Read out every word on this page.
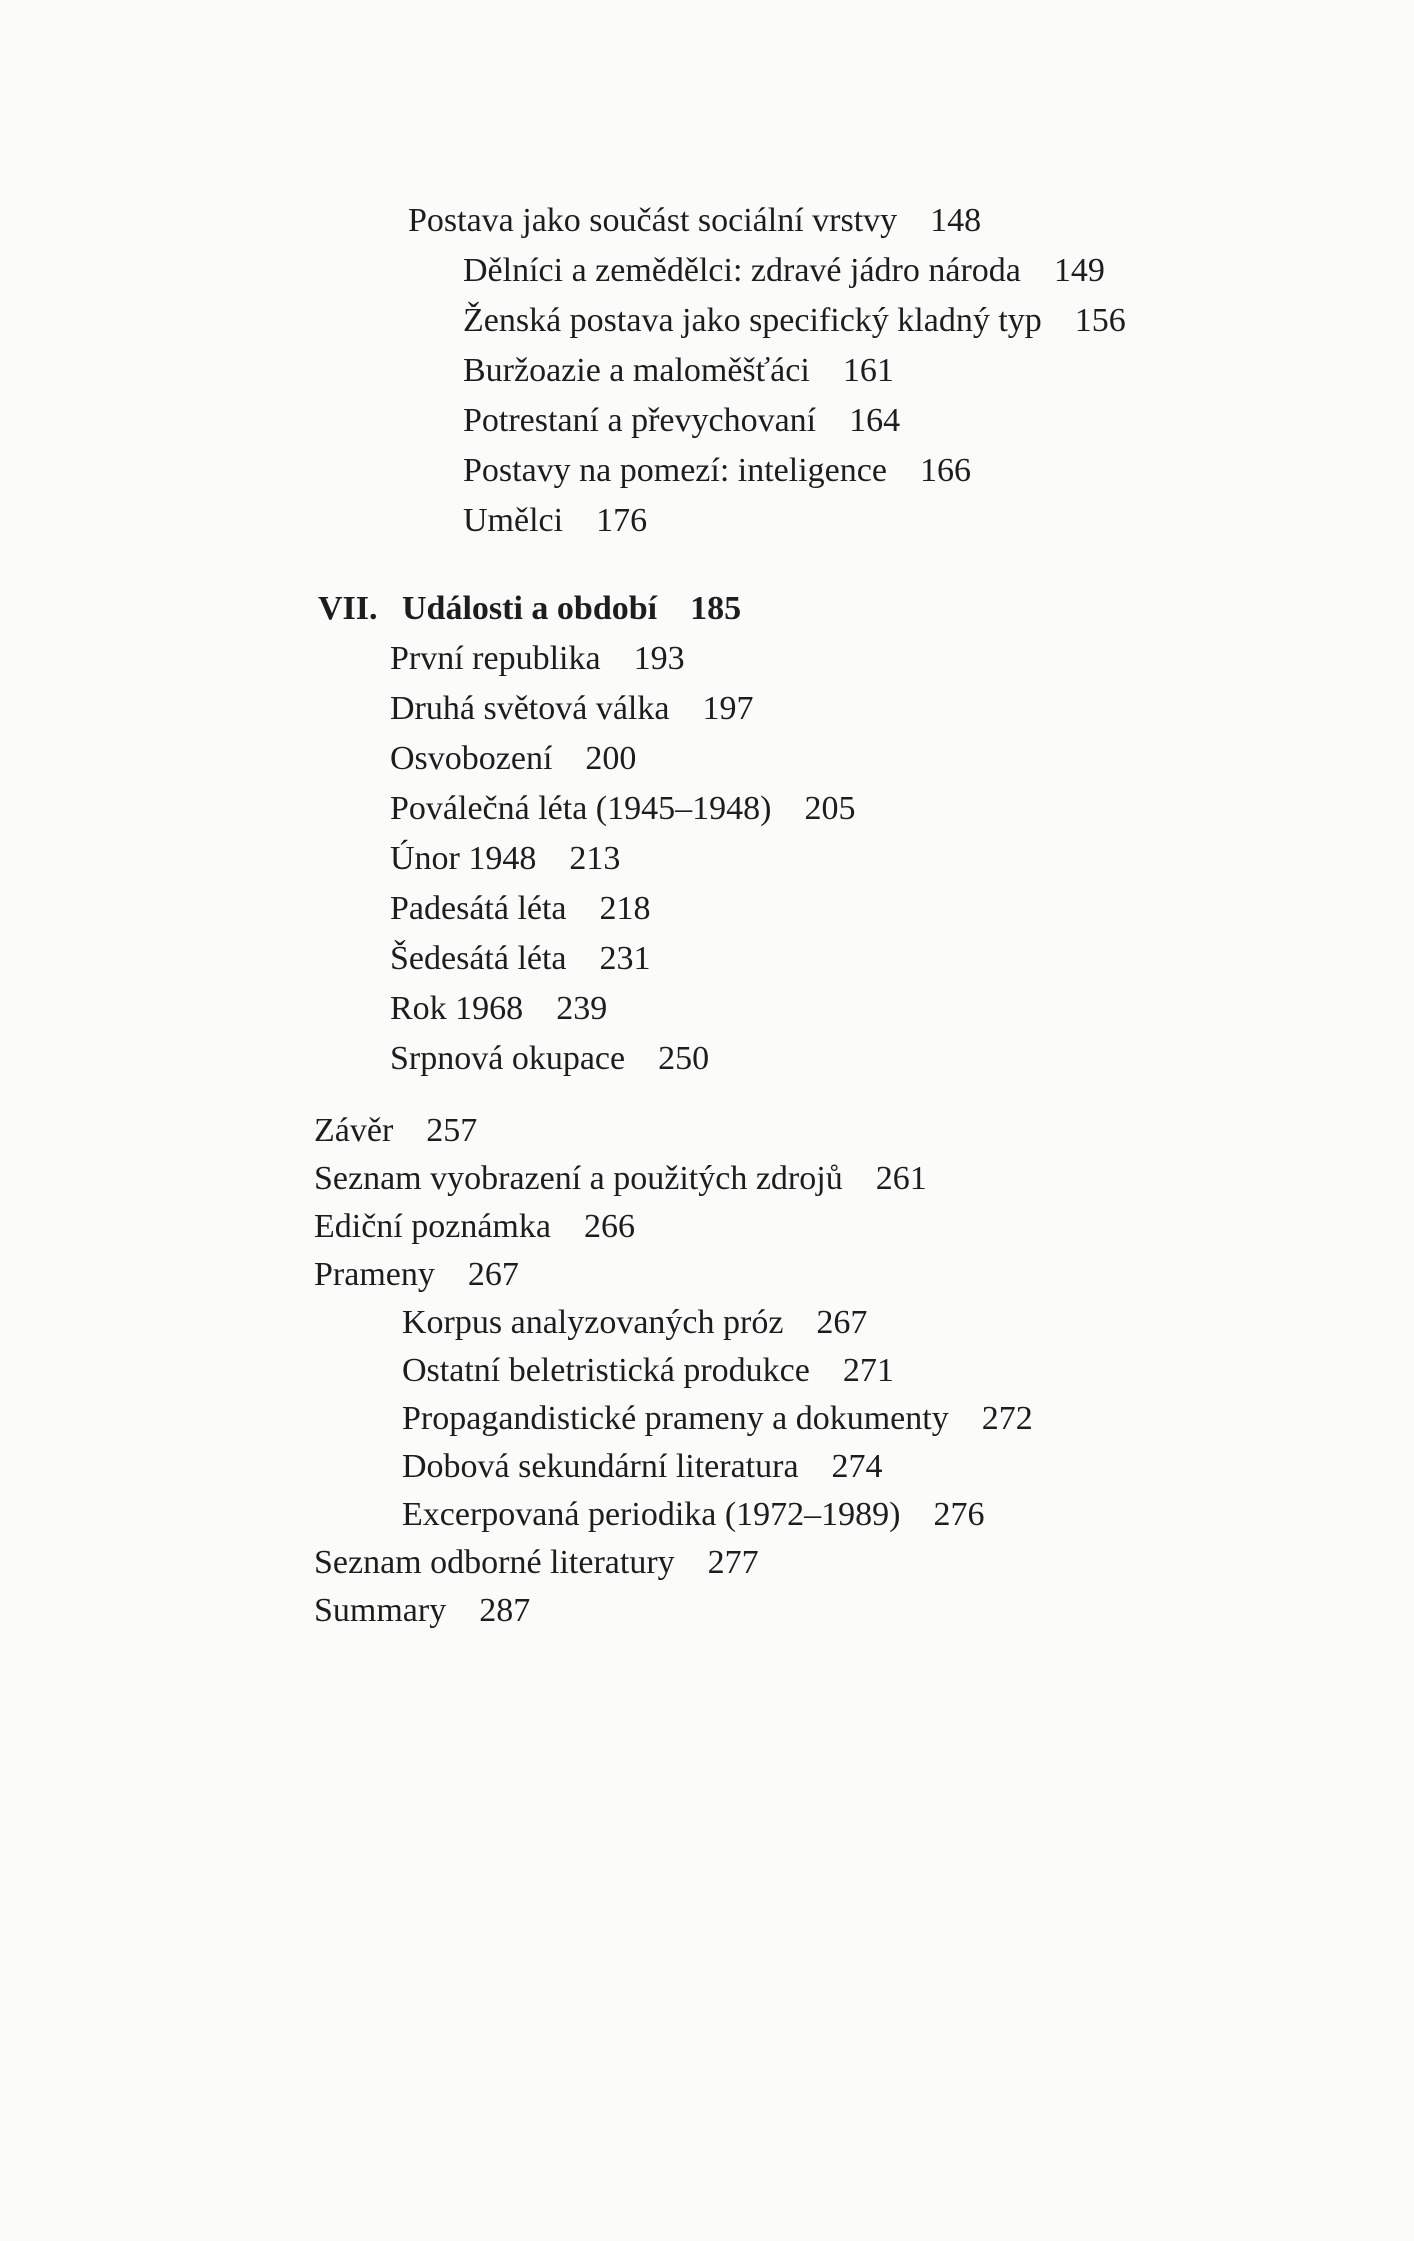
Postava jako součást sociální vrstvy 148
Dělníci a zemědělci: zdravé jádro národa 149
Ženská postava jako specifický kladný typ 156
Buržoazie a maloměšťáci 161
Potrestaní a převychovaní 164
Postavy na pomezí: inteligence 166
Umělci 176
VII. Události a období 185
První republika 193
Druhá světová válka 197
Osvobození 200
Poválečná léta (1945–1948) 205
Únor 1948 213
Padesátá léta 218
Šedesátá léta 231
Rok 1968 239
Srpnová okupace 250
Závěr 257
Seznam vyobrazení a použitých zdrojů 261
Ediční poznámka 266
Prameny 267
Korpus analyzovaných próz 267
Ostatní beletristická produkce 271
Propagandistické prameny a dokumenty 272
Dobová sekundární literatura 274
Excerpovaná periodika (1972–1989) 276
Seznam odborné literatury 277
Summary 287
